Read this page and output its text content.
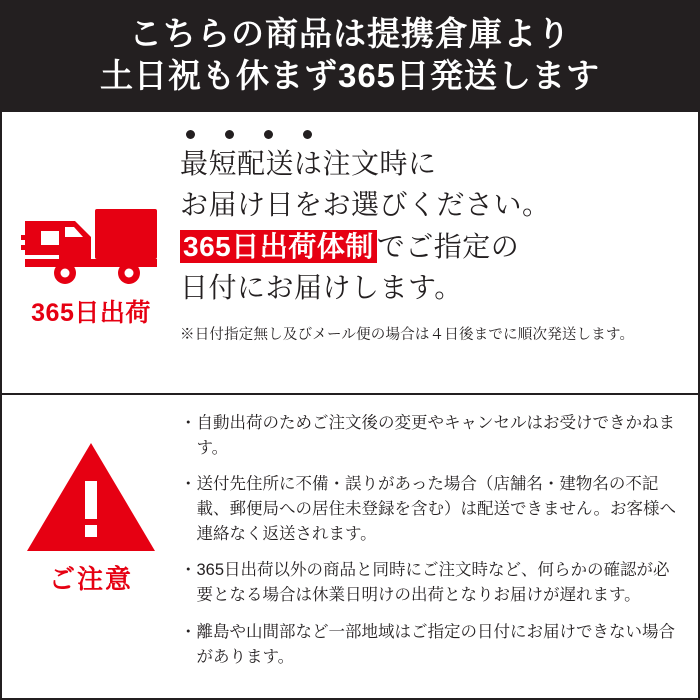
こちらの商品は提携倉庫より
土日祝も休まず365日発送します
365日出荷
最短配送は注文時に
お届け日をお選びください。
365日出荷体制 でご指定の
日付にお届けします。
※日付指定無し及びメール便の場合は４日後までに順次発送します。
ご注意
・ 自動出荷のためご注文後の変更やキャンセルはお受けできかねます。
・ 送付先住所に不備・誤りがあった場合（店舗名・建物名の不記載、郵便局への居住未登録を含む）は配送できません。お客様へ連絡なく返送されます。
・ 365日出荷以外の商品と同時にご注文時など、何らかの確認が必要となる場合は休業日明けの出荷となりお届けが遅れます。
・ 離島や山間部など一部地域はご指定の日付にお届けできない場合があります。
